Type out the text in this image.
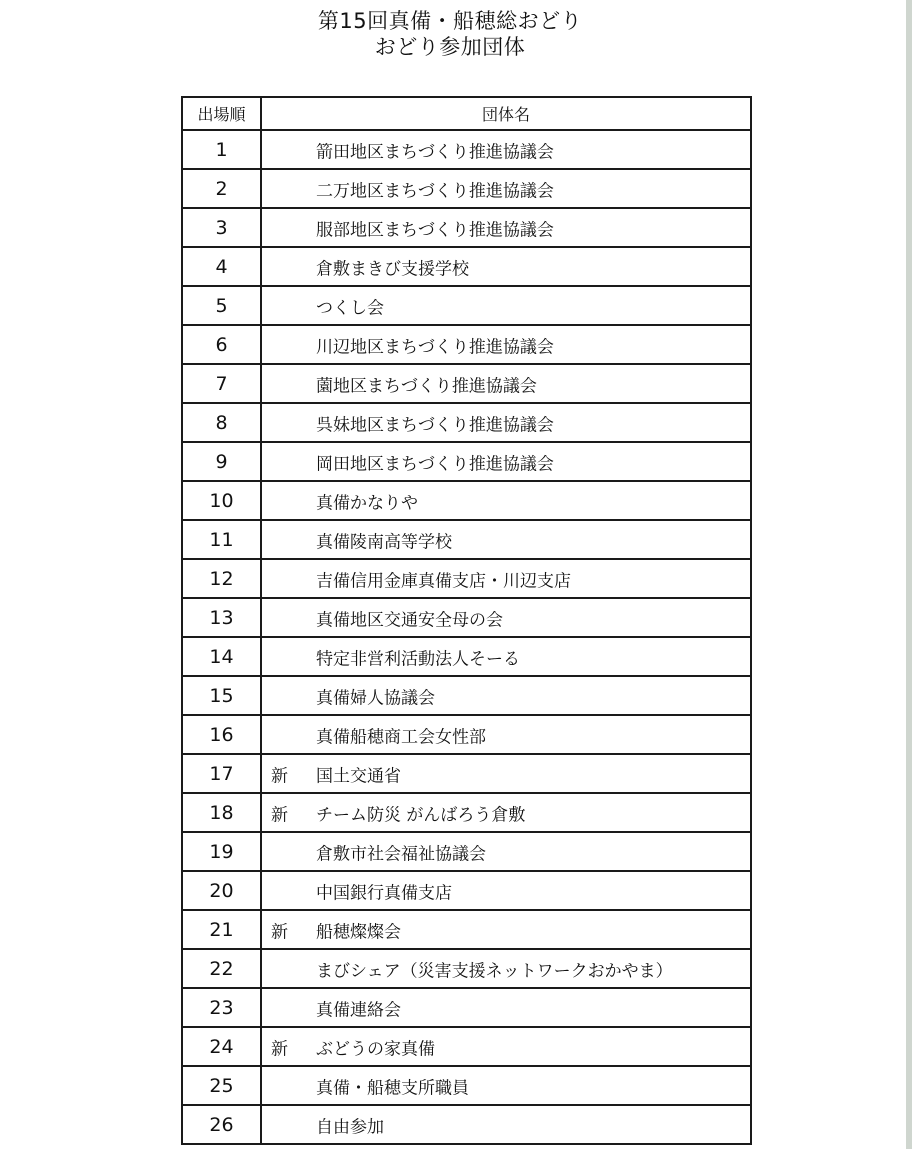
第15回真備・船穂総おどり
おどり参加団体
出場順	団体名
1	箭田地区まちづくり推進協議会

2	二万地区まちづくり推進協議会

3	服部地区まちづくり推進協議会

4	倉敷まきび支援学校

5	つくし会

6	川辺地区まちづくり推進協議会

7	薗地区まちづくり推進協議会

8	呉妹地区まちづくり推進協議会

9	岡田地区まちづくり推進協議会

10	真備かなりや

11	真備陵南高等学校

12	吉備信用金庫真備支店・川辺支店

13	真備地区交通安全母の会

14	特定非営利活動法人そーる

15	真備婦人協議会

16	真備船穂商工会女性部

17	新 国土交通省

18	新 チーム防災 がんばろう倉敷

19	倉敷市社会福祉協議会

20	中国銀行真備支店

21	新 船穂燦燦会

22	まびシェア（災害支援ネットワークおかやま）

23	真備連絡会

24	新 ぶどうの家真備

25	真備・船穂支所職員

26	自由参加
